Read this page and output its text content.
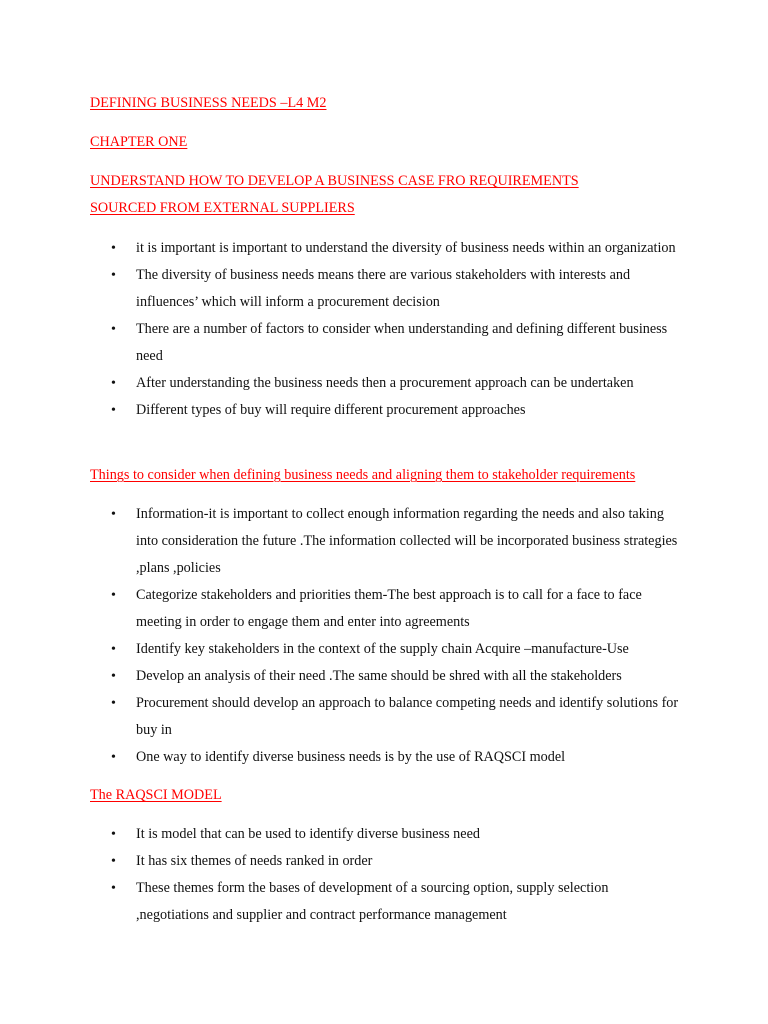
DEFINING BUSINESS NEEDS –L4 M2
CHAPTER ONE
UNDERSTAND HOW TO DEVELOP A BUSINESS CASE FRO REQUIREMENTS
SOURCED FROM EXTERNAL SUPPLIERS
• it is important is important to understand the diversity of business needs within an organization
• The diversity of business needs means there are various stakeholders with interests and influences’ which will inform a procurement decision
• There are a number of factors to consider when understanding and defining different business need
• After understanding the business needs then a procurement approach can be undertaken
• Different types of buy will require different procurement approaches
Things to consider when defining business needs and aligning them to stakeholder requirements
• Information-it is important to collect enough information regarding the needs and also taking into consideration the future .The information collected will be incorporated business strategies ,plans ,policies
• Categorize stakeholders and priorities them-The best approach is to call for a face to face meeting in order to engage them and enter into agreements
• Identify key stakeholders in the context of the supply chain Acquire –manufacture-Use
• Develop an analysis of their need .The same should be shred with all the stakeholders
• Procurement should develop an approach to balance competing needs and identify solutions for buy in
• One way to identify diverse business needs is by the use of RAQSCI model
The RAQSCI MODEL
• It is model that can be used to identify diverse business need
• It has six themes of needs ranked in order
• These themes form the bases of development of a sourcing option, supply selection ,negotiations and supplier and contract performance management
